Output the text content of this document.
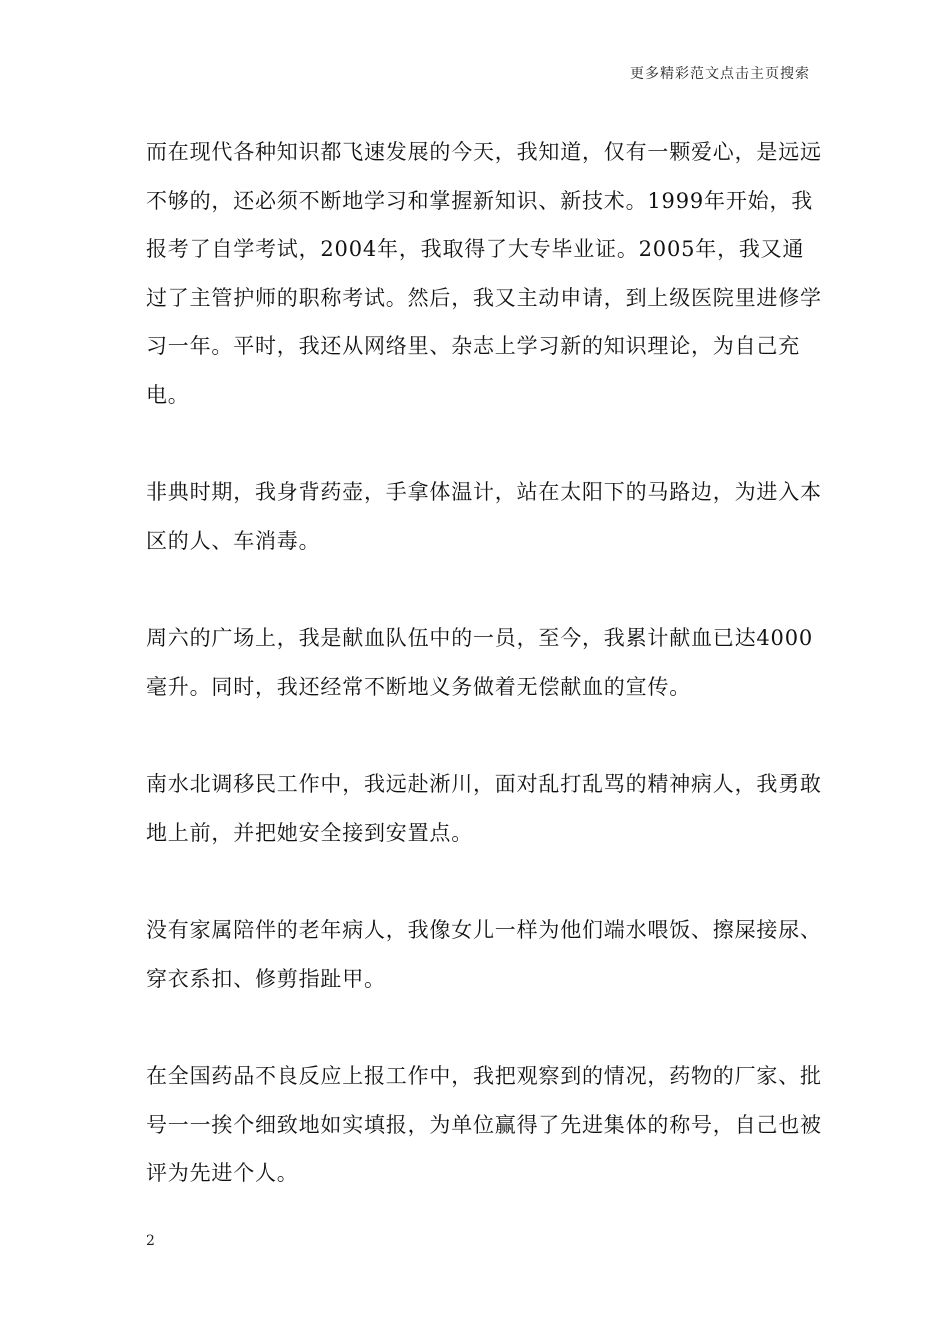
更多精彩范文点击主页搜索

而在现代各种知识都飞速发展的今天，我知道，仅有一颗爱心，是远远不够的，还必须不断地学习和掌握新知识、新技术。1999年开始，我报考了自学考试，2004年，我取得了大专毕业证。2005年，我又通过了主管护师的职称考试。然后，我又主动申请，到上级医院里进修学习一年。平时，我还从网络里、杂志上学习新的知识理论，为自己充电。

非典时期，我身背药壶，手拿体温计，站在太阳下的马路边，为进入本区的人、车消毒。

周六的广场上，我是献血队伍中的一员，至今，我累计献血已达4000毫升。同时，我还经常不断地义务做着无偿献血的宣传。

南水北调移民工作中，我远赴淅川，面对乱打乱骂的精神病人，我勇敢地上前，并把她安全接到安置点。

没有家属陪伴的老年病人，我像女儿一样为他们端水喂饭、擦屎接尿、穿衣系扣、修剪指趾甲。

在全国药品不良反应上报工作中，我把观察到的情况，药物的厂家、批号一一挨个细致地如实填报，为单位赢得了先进集体的称号，自己也被评为先进个人。

2
